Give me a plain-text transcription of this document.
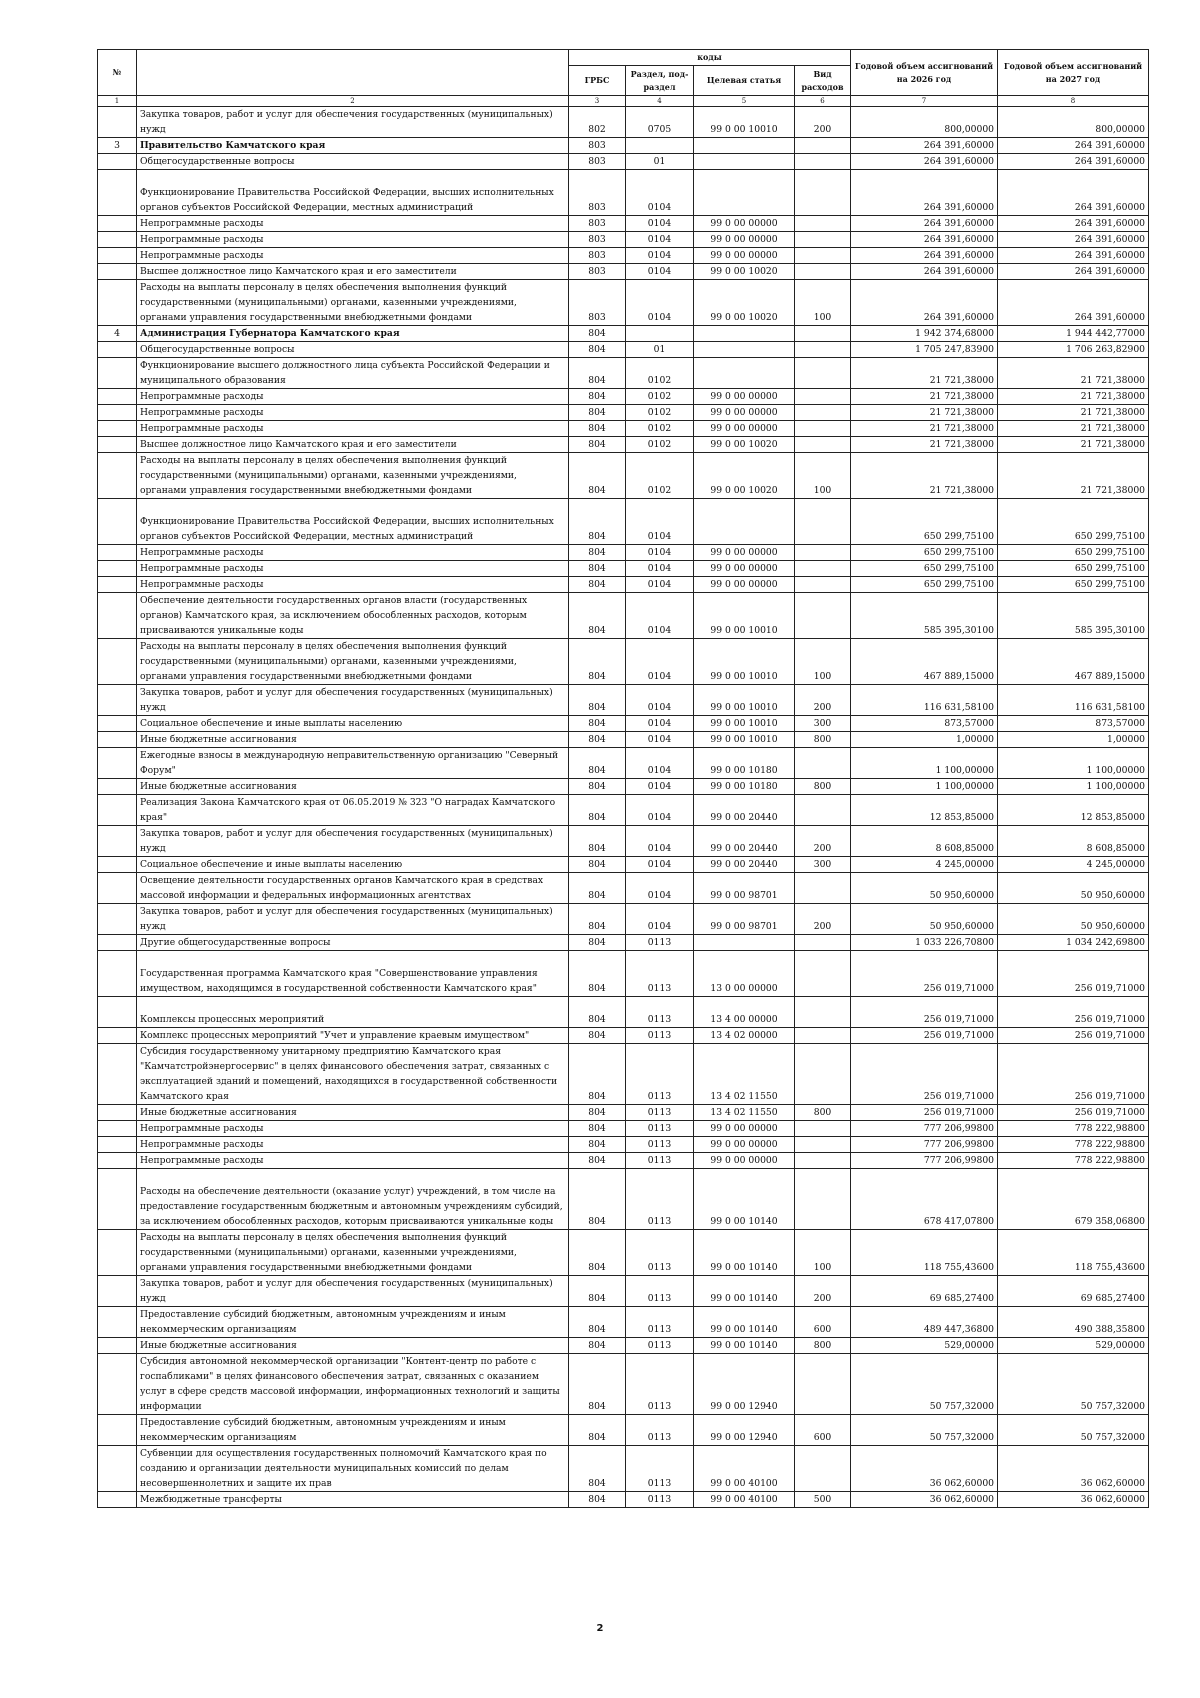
№		коды				Годовой объем ассигнований на 2026 год	Годовой объем ассигнований на 2027 год
		ГРБС	Раздел, под-раздел	Целевая статья	Вид расходов		
1	2	3	4	5	6	7	8
	Закупка товаров, работ и услуг для обеспечения государственных (муниципальных) нужд	802	0705	99 0 00 10010	200	800,00000	800,00000
3	Правительство Камчатского края	803				264 391,60000	264 391,60000
	Общегосударственные вопросы	803	01			264 391,60000	264 391,60000
	Функционирование Правительства Российской Федерации, высших исполнительных органов субъектов Российской Федерации, местных администраций	803	0104			264 391,60000	264 391,60000
	Непрограммные расходы	803	0104	99 0 00 00000		264 391,60000	264 391,60000
	Непрограммные расходы	803	0104	99 0 00 00000		264 391,60000	264 391,60000
	Непрограммные расходы	803	0104	99 0 00 00000		264 391,60000	264 391,60000
	Высшее должностное лицо Камчатского края и его заместители	803	0104	99 0 00 10020		264 391,60000	264 391,60000
	Расходы на выплаты персоналу в целях обеспечения выполнения функций государственными (муниципальными) органами, казенными учреждениями, органами управления государственными внебюджетными фондами	803	0104	99 0 00 10020	100	264 391,60000	264 391,60000
4	Администрация Губернатора Камчатского края	804				1 942 374,68000	1 944 442,77000
	Общегосударственные вопросы	804	01			1 705 247,83900	1 706 263,82900
	Функционирование высшего должностного лица субъекта Российской Федерации и муниципального образования	804	0102			21 721,38000	21 721,38000
	Непрограммные расходы	804	0102	99 0 00 00000		21 721,38000	21 721,38000
	Непрограммные расходы	804	0102	99 0 00 00000		21 721,38000	21 721,38000
	Непрограммные расходы	804	0102	99 0 00 00000		21 721,38000	21 721,38000
	Высшее должностное лицо Камчатского края и его заместители	804	0102	99 0 00 10020		21 721,38000	21 721,38000
	Расходы на выплаты персоналу в целях обеспечения выполнения функций государственными (муниципальными) органами, казенными учреждениями, органами управления государственными внебюджетными фондами	804	0102	99 0 00 10020	100	21 721,38000	21 721,38000
	Функционирование Правительства Российской Федерации, высших исполнительных органов субъектов Российской Федерации, местных администраций	804	0104			650 299,75100	650 299,75100
	Непрограммные расходы	804	0104	99 0 00 00000		650 299,75100	650 299,75100
	Непрограммные расходы	804	0104	99 0 00 00000		650 299,75100	650 299,75100
	Непрограммные расходы	804	0104	99 0 00 00000		650 299,75100	650 299,75100
	Обеспечение деятельности государственных органов власти (государственных органов) Камчатского края, за исключением обособленных расходов, которым присваиваются уникальные коды	804	0104	99 0 00 10010		585 395,30100	585 395,30100
	Расходы на выплаты персоналу в целях обеспечения выполнения функций государственными (муниципальными) органами, казенными учреждениями, органами управления государственными внебюджетными фондами	804	0104	99 0 00 10010	100	467 889,15000	467 889,15000
	Закупка товаров, работ и услуг для обеспечения государственных (муниципальных) нужд	804	0104	99 0 00 10010	200	116 631,58100	116 631,58100
	Социальное обеспечение и иные выплаты населению	804	0104	99 0 00 10010	300	873,57000	873,57000
	Иные бюджетные ассигнования	804	0104	99 0 00 10010	800	1,00000	1,00000
	Ежегодные взносы в международную неправительственную организацию "Северный Форум"	804	0104	99 0 00 10180		1 100,00000	1 100,00000
	Иные бюджетные ассигнования	804	0104	99 0 00 10180	800	1 100,00000	1 100,00000
	Реализация Закона Камчатского края от 06.05.2019 № 323 "О наградах Камчатского края"	804	0104	99 0 00 20440		12 853,85000	12 853,85000
	Закупка товаров, работ и услуг для обеспечения государственных (муниципальных) нужд	804	0104	99 0 00 20440	200	8 608,85000	8 608,85000
	Социальное обеспечение и иные выплаты населению	804	0104	99 0 00 20440	300	4 245,00000	4 245,00000
	Освещение деятельности государственных органов Камчатского края в средствах массовой информации и федеральных информационных агентствах	804	0104	99 0 00 98701		50 950,60000	50 950,60000
	Закупка товаров, работ и услуг для обеспечения государственных (муниципальных) нужд	804	0104	99 0 00 98701	200	50 950,60000	50 950,60000
	Другие общегосударственные вопросы	804	0113			1 033 226,70800	1 034 242,69800
	Государственная программа Камчатского края "Совершенствование управления имуществом, находящимся в государственной собственности Камчатского края"	804	0113	13 0 00 00000		256 019,71000	256 019,71000
	Комплексы процессных мероприятий	804	0113	13 4 00 00000		256 019,71000	256 019,71000
	Комплекс процессных мероприятий "Учет и управление краевым имуществом"	804	0113	13 4 02 00000		256 019,71000	256 019,71000
	Субсидия государственному унитарному предприятию Камчатского края "Камчатстройэнергосервис" в целях финансового обеспечения затрат, связанных с эксплуатацией зданий и помещений, находящихся в государственной собственности Камчатского края	804	0113	13 4 02 11550		256 019,71000	256 019,71000
	Иные бюджетные ассигнования	804	0113	13 4 02 11550	800	256 019,71000	256 019,71000
	Непрограммные расходы	804	0113	99 0 00 00000		777 206,99800	778 222,98800
	Непрограммные расходы	804	0113	99 0 00 00000		777 206,99800	778 222,98800
	Непрограммные расходы	804	0113	99 0 00 00000		777 206,99800	778 222,98800
	Расходы на обеспечение деятельности (оказание услуг) учреждений, в том числе на предоставление государственным бюджетным и автономным учреждениям субсидий, за исключением обособленных расходов, которым присваиваются уникальные коды	804	0113	99 0 00 10140		678 417,07800	679 358,06800
	Расходы на выплаты персоналу в целях обеспечения выполнения функций государственными (муниципальными) органами, казенными учреждениями, органами управления государственными внебюджетными фондами	804	0113	99 0 00 10140	100	118 755,43600	118 755,43600
	Закупка товаров, работ и услуг для обеспечения государственных (муниципальных) нужд	804	0113	99 0 00 10140	200	69 685,27400	69 685,27400
	Предоставление субсидий бюджетным, автономным учреждениям и иным некоммерческим организациям	804	0113	99 0 00 10140	600	489 447,36800	490 388,35800
	Иные бюджетные ассигнования	804	0113	99 0 00 10140	800	529,00000	529,00000
	Субсидия автономной некоммерческой организации "Контент-центр по работе с госпабликами" в целях финансового обеспечения затрат, связанных с оказанием услуг в сфере средств массовой информации, информационных технологий и защиты информации	804	0113	99 0 00 12940		50 757,32000	50 757,32000
	Предоставление субсидий бюджетным, автономным учреждениям и иным некоммерческим организациям	804	0113	99 0 00 12940	600	50 757,32000	50 757,32000
	Субвенции для осуществления государственных полномочий Камчатского края по созданию и организации деятельности муниципальных комиссий по делам несовершеннолетних и защите их прав	804	0113	99 0 00 40100		36 062,60000	36 062,60000
	Межбюджетные трансферты	804	0113	99 0 00 40100	500	36 062,60000	36 062,60000
2
